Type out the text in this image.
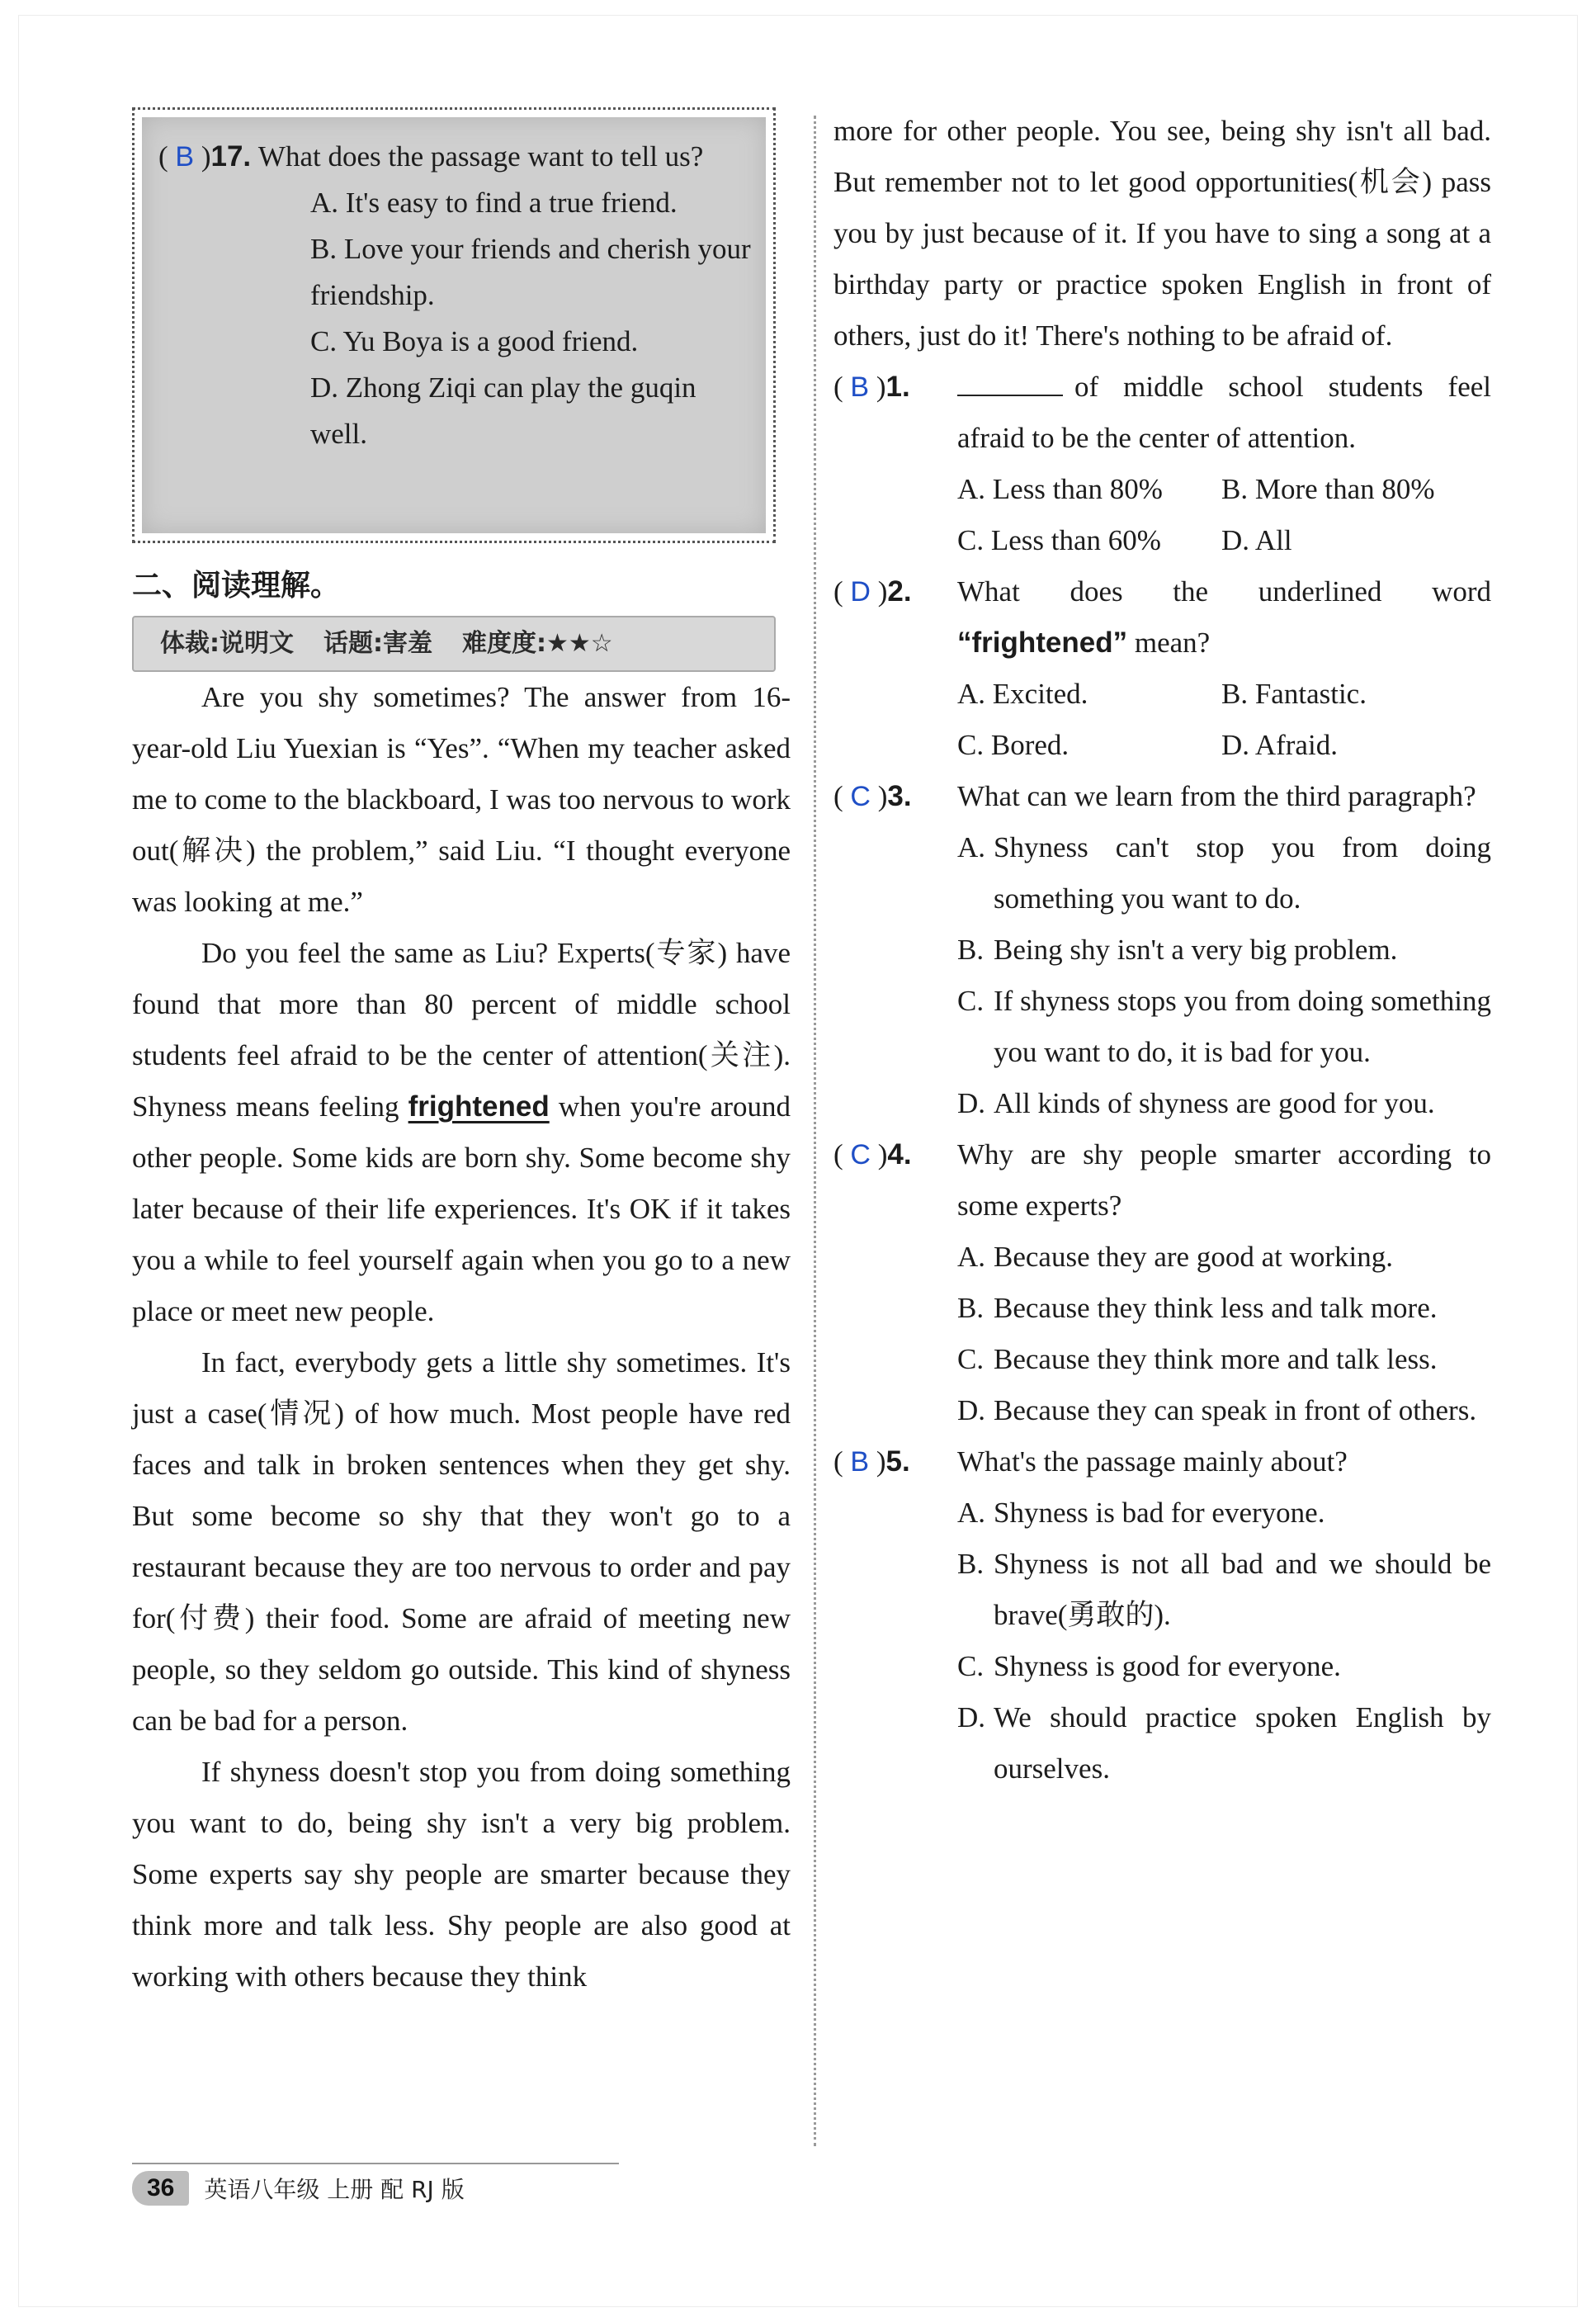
( B ) 17.
What does the passage want to tell us?
A. It's easy to find a true friend.
B. Love your friends and cherish your friendship.
C. Yu Boya is a good friend.
D. Zhong Ziqi can play the guqin well.
二、阅读理解。
体裁:说明文 话题:害羞 难度度:★★☆

Are you shy sometimes? The answer from 16-year-old Liu Yuexian is “Yes”. “When my teacher asked me to come to the blackboard, I was too nervous to work out(解决) the problem,” said Liu. “I thought everyone was looking at me.”

Do you feel the same as Liu? Experts(专家) have found that more than 80 percent of middle school students feel afraid to be the center of attention(关注). Shyness means feeling frightened when you're around other people. Some kids are born shy. Some become shy later because of their life experiences. It's OK if it takes you a while to feel yourself again when you go to a new place or meet new people.

In fact, everybody gets a little shy sometimes. It's just a case(情况) of how much. Most people have red faces and talk in broken sentences when they get shy. But some become so shy that they won't go to a restaurant because they are too nervous to order and pay for(付费) their food. Some are afraid of meeting new people, so they seldom go outside. This kind of shyness can be bad for a person.

If shyness doesn't stop you from doing something you want to do, being shy isn't a very big problem. Some experts say shy people are smarter because they think more and talk less. Shy people are also good at working with others because they think

more for other people. You see, being shy isn't all bad. But remember not to let good opportunities(机会) pass you by just because of it. If you have to sing a song at a birthday party or practice spoken English in front of others, just do it! There's nothing to be afraid of.

( B )1.	of middle school students feel afraid to be the center of attention.
A. Less than 80%	B. More than 80%
C. Less than 60%	D. All
( D )2.	What does the underlined word “frightened” mean?
A. Excited.	B. Fantastic.
C. Bored.	D. Afraid.
( C )3.	What can we learn from the third paragraph?
A. Shyness can't stop you from doing something you want to do.
B. Being shy isn't a very big problem.
C. If shyness stops you from doing something you want to do, it is bad for you.
D. All kinds of shyness are good for you.
( C )4.	Why are shy people smarter according to some experts?
A. Because they are good at working.
B. Because they think less and talk more.
C. Because they think more and talk less.
D. Because they can speak in front of others.
( B )5.	What's the passage mainly about?
A. Shyness is bad for everyone.
B. Shyness is not all bad and we should be brave(勇敢的).
C. Shyness is good for everyone.
D. We should practice spoken English by ourselves.
36	英语八年级 上册 配 RJ 版
